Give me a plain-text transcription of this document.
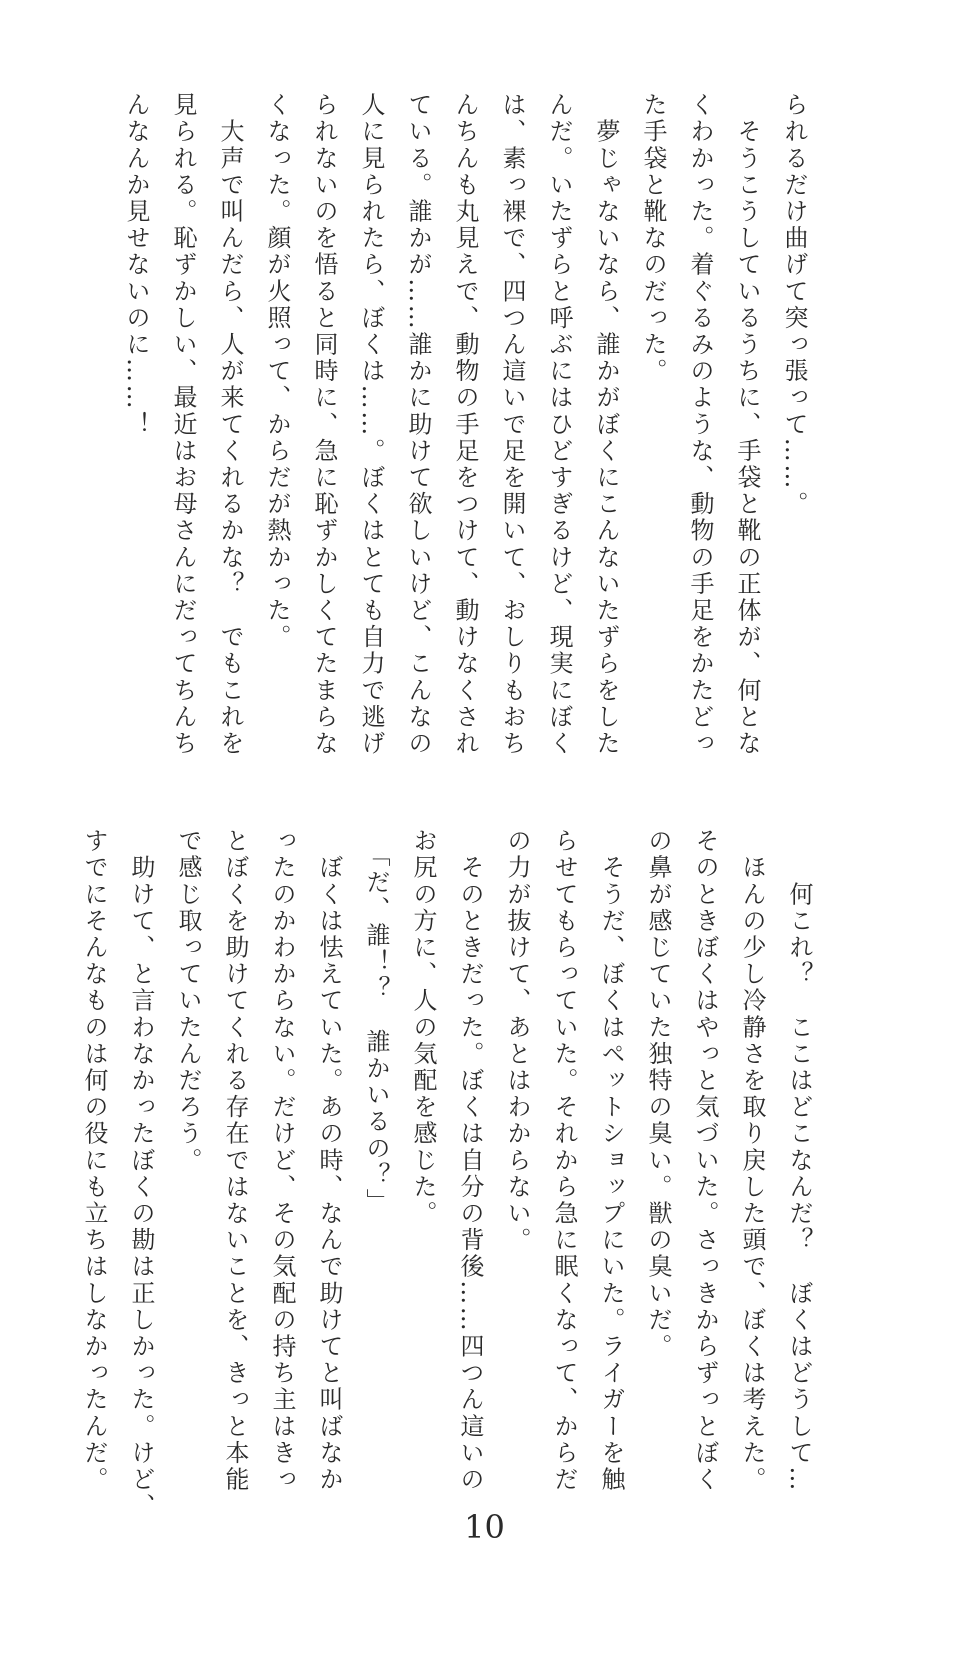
られるだけ曲げて突っ張って……。
　そうこうしているうちに、手袋と靴の正体が、何とな
くわかった。着ぐるみのような、動物の手足をかたどっ
た手袋と靴なのだった。
　夢じゃないなら、誰かがぼくにこんないたずらをした
んだ。いたずらと呼ぶにはひどすぎるけど、現実にぼく
は、素っ裸で、四つん這いで足を開いて、おしりもおち
んちんも丸見えで、動物の手足をつけて、動けなくされ
ている。誰かが……誰かに助けて欲しいけど、こんなの
人に見られたら、ぼくは……。ぼくはとても自力で逃げ
られないのを悟ると同時に、急に恥ずかしくてたまらな
くなった。顔が火照って、からだが熱かった。
　大声で叫んだら、人が来てくれるかな？　でもこれを
見られる。恥ずかしい、最近はお母さんにだってちんち
んなんか見せないのに……！
　　何これ？　ここはどこなんだ？　ぼくはどうして…
　ほんの少し冷静さを取り戻した頭で、ぼくは考えた。
そのときぼくはやっと気づいた。さっきからずっとぼく
の鼻が感じていた独特の臭い。獣の臭いだ。
　そうだ、ぼくはペットショップにいた。ライガーを触
らせてもらっていた。それから急に眠くなって、からだ
の力が抜けて、あとはわからない。
　そのときだった。ぼくは自分の背後……四つん這いの
お尻の方に、人の気配を感じた。
　「だ、誰！？　誰かいるの？」
　ぼくは怯えていた。あの時、なんで助けてと叫ばなか
ったのかわからない。だけど、その気配の持ち主はきっ
とぼくを助けてくれる存在ではないことを、きっと本能
で感じ取っていたんだろう。
　助けて、と言わなかったぼくの勘は正しかった。けど、
すでにそんなものは何の役にも立ちはしなかったんだ。
10
